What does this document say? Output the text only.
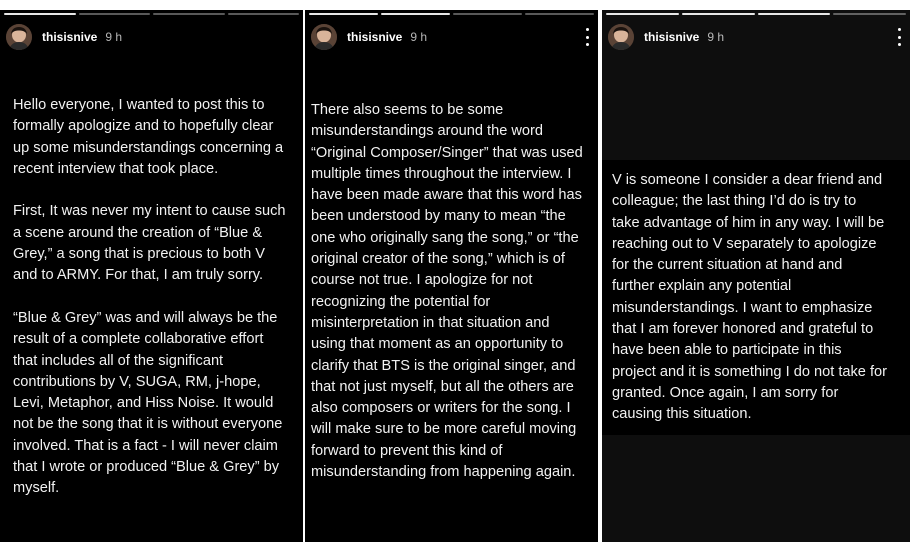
thisisnive 9 h

Hello everyone, I wanted to post this to
formally apologize and to hopefully clear
up some misunderstandings concerning a
recent interview that took place.

First, It was never my intent to cause such
a scene around the creation of “Blue &
Grey,” a song that is precious to both V
and to ARMY. For that, I am truly sorry.

“Blue & Grey” was and will always be the
result of a complete collaborative effort
that includes all of the significant
contributions by V, SUGA, RM, j-hope,
Levi, Metaphor, and Hiss Noise. It would
not be the song that it is without everyone
involved. That is a fact - I will never claim
that I wrote or produced “Blue & Grey” by
myself.

thisisnive 9 h

There also seems to be some
misunderstandings around the word
“Original Composer/Singer” that was used
multiple times throughout the interview. I
have been made aware that this word has
been understood by many to mean “the
one who originally sang the song,” or “the
original creator of the song,” which is of
course not true. I apologize for not
recognizing the potential for
misinterpretation in that situation and
using that moment as an opportunity to
clarify that BTS is the original singer, and
that not just myself, but all the others are
also composers or writers for the song. I
will make sure to be more careful moving
forward to prevent this kind of
misunderstanding from happening again.

thisisnive 9 h

V is someone I consider a dear friend and
colleague; the last thing I’d do is try to
take advantage of him in any way. I will be
reaching out to V separately to apologize
for the current situation at hand and
further explain any potential
misunderstandings. I want to emphasize
that I am forever honored and grateful to
have been able to participate in this
project and it is something I do not take for
granted. Once again, I am sorry for
causing this situation.
